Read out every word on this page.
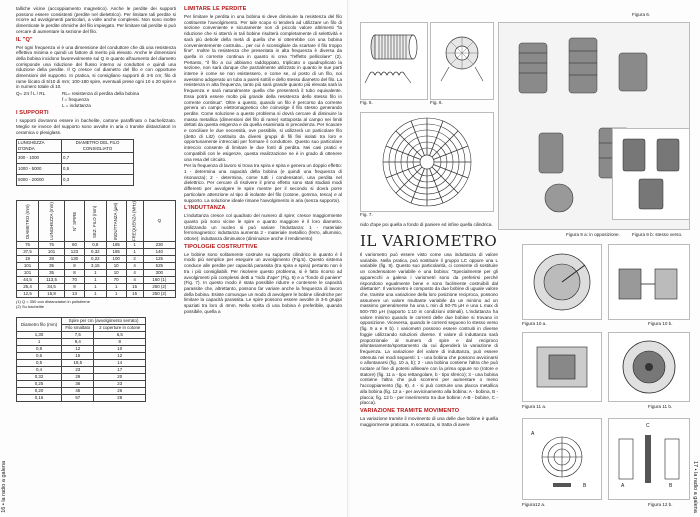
16 • la radio a galena

talliche vicine (accoppiamento magnetico). Anche le perdite dei supporti possono essere consistenti (perdite nel dielettrico). Per limitare tali perdite si ricorre ad avvolgimenti particolari, a volte anche complessi. Non sono inoltre dimenticate le perdite ohmiche del filo impiegato. Per limitare tali perdite si può cercare di aumentare la sezione del filo.

IL "Q"

Per ogni frequenza vi è una dimensione del conduttore che dà una resistenza effettiva minima e quindi un fattore di merito più elevato. Anche le dimensioni della bobina incidono favorevolmente sul Q in quanto all'aumento del diametro corrisponde una riduzione del flusso interno ai conduttori e quindi una riduzione della perdite. Il Q cresce col diametro del filo e con opportune dimensioni del supporto. In pratica, si consigliano supporti di 3-5 cm; filo di rame lòcato di 5/10 di mm; 100-180 spire, eventuali prese ogni 10 o 20 spire e in numero totale di 10.

Q= 2π f L / RL	RL= resistenza di perdita della bobina
f = frequenza
L = induttanza
I SUPPORTI

I supporti dovranno essere in bachelite, cartone paraffinato o bachelizzato. Meglio se invece del supporto sono avvolte in aria o tramite distanziatori in ceramica o plexiglass.

LUNGHEZZA D'ONDA	DIAMETRO DEL FILO CONSIGLIATO
300 - 1000	0,7
1000 - 5000	0,5
5000 - 20000	0,3
DIAMETRO (mm)	LUNGHEZZA (mm)	N° SPIRE	SEZ. FILO (mm)	INDUTTANZA (μH)	FREQUENZA (MHz)	Q
75	75	60	0,8	185	1	230
37,5	101	123	0,32	185	1	140
19	28	130	0,22	100	2	125
101	35	8	3,15	10	4	525
101	35	8	1	10	4	300
44,5	113,5	70	1	70	4	160 (1)
25,4	34,5	9	1	1	15	250 (2)
12,5	15,8	13	1	1	15	250 (2)
(1) Q = 350 con distanziatori in polistirene
(2) Su bachelite
Diametro filo (mm)	Spire per cm (avvolgimento serrato)	
	Filo smaltato	2 coperture in cotone
1,30	7,5	6,5
1	9,4	8
0,8	12	10
0,6	15	12
0,5	18,5	14
0,4	23	17
0,32	29	20
0,25	36	23
0,20	45	26
0,16	57	28
LIMITARE LE PERDITE

Per limitare le perdita in una bobina si deve diminuire la resistenza del filo costituente l'avvolgimento. Per tale scopo si tenderà ad utilizzare un filo di sezione conveniente e sicuramente non di piccolo valore altrimenti "la riduzione che si otterrà in tali bobine risulterà completamente di selettività e sarà più debole della metà di quella che si otterrebbe con una bobina convenientemente costruita... per cui è sconsigliare da scartare il filo troppo fine". Inoltre la resistenza che presentata in alta frequenza è diversa da quella in corrente continua in quanto si crea "l'effetto pellicolare" (2). Pertanto, "il filo a cui abbiamo raddoppiato, triplicato o quadruplicato la sezione, non sarà dunque che parzialmente utilizzato in quanto le sue parti interne è come se non esistessero, e come se, al posto di un filo, noi avessimo adoperato un tubo a pareti sottili e dello stesso diametro del filo. La resistenza in alta frequenza, tanto più sarà grande quanto più elevata sarà la frequenza e sarà naturalmente quella che presenterà il tubo equivalente. Essa potrà essere molto più grande della resistenza dello stesso filo in corrente continua". Oltre a questo, quando un filo è percorso da corrente genera un campo elettromagnetico che coinvolge il filo stesso generando perdite. Come soluzione a questo problema si dovrà cercare di diminuire la massa metallica (dimensioni del filo di rame) sottoposta al campo nei limiti dettati da questa esigenza e da quella esaminata in precedenza. Per ricavare e conciliare le due necessità, ove possibile, si utilizzerà un particolare filo (detto di Litz) costituito da diversi gruppi di fili fini isolati tra loro e opportunamente intrecciati per formare il conduttore. Questo suo particolare intreccio consente di limitare le due fonti di perdita. Nei casi pratici e compatibili con le esigenze, questa realizzazione ne è in grado di ottenere una resa del circuito.

Per la frequenza di lavoro si trova tra spira e spira e genera un doppio effetto: 1 - determina una capacità della bobina (e quindi una frequenza di risonanza); 2 - determina, come tutti i condensatori, una perdita nel dielettrico. Per cercare di risolvere il primo effetto sono stati studiati modi differenti per avvolgere le spire mentre per il secondo si dovrà porre particolare attenzione al tipo di isolante del filo (cotone, gomma, tesca) e al supporto. La soluzione ideale rimane l'avvolgimento in aria (senza supporto).

L'INDUTTANZA

L'induttanza cresce col quadrato del numero di spire; cresce maggiormente quanto più sono vicine le spire e quanto maggiore è il loro diametro. Utilizzando un nucleo si può variare l'induttanza: 1 - materiale ferromagnetico: induttanza aumenta 2 - materiale metallico (ferro, alluminio, ottone): induttanza diminuisce (diminuisce anche il rendimento)

TIPOLOGIE COSTRUTTIVE

Le bobine sono solitamente costruite su supporto cilindrico in quanto è il modo più semplice per eseguire un avvolgimento (Fig.5). Questo sistema conduce alle perdite per capacità parassita (tra spira e spira) pertanto non è tra i più consigliabili. Per risolvere questo problema, si è fatto ricorso ad avvolgimenti più complessi detti a "nido d'ape" (Fig. 6) e a "fondo di paniere" (Fig. 7). In questo modo è stata possibile ridurre e contenere le capacità parassite che, altrettanto, possono far variare anche la frequenza di lavoro della bobina. Esiste comunque un modo di avvolgere le bobine cilindriche per limitare la capacità parassita. Le spire possono essere avvolte in 3-5 gruppi spaziati tra loro di 4mm. Nella scelta di una bobina è preferibile, quando possibile, quella a

17 • la radio a galena
Fig. 5.	Fig. 6.
Fig. 7.

nido d'ape poi quella a fondo di paniere ed infine quella cilindrica.

Figura 6.
IL VARIOMETRO

Il variometro può essere visto come una induttanza di valore variabile. Nella pratica, può sostituire il gruppo LC oppure una L variabile (fig. 8). Questo suo particolarità, ci consente di sostituire un condensatore variabile e una bobina: "Specialmente per gli apparecchi a galena i variometri sono da preferirsi perché rispondono egualmente bene e sono facilmente costruibili dal dilettante". Il variometro è composto da due bobine di uguale valore che, tramite una variazione della loro posizione reciproca, possono assumere un valore risultante variabile da un minimo ad un massimo generalmente ha una L min di 50-75 μH e una L max di 500-700 μH (rapporto 1:10 in condizioni ottimali). L'induttanza ha valore minimo quando le correnti delle due bobine si trovano in opposizione. Viceversa, quando le correnti seguono lo stesso verso (fig. 9 a e 9 b). I variometri possono essere costruiti in diverse foggie utilizzando soluzioni diverse. Il valore di induttanza sarà proporzionale al numero di spire e dal reciproco allontanamento/spostamento da cui dipenderà la variazione di frequenza. La variazione del valore di induttanza, può essere ottenuta nei modi seguenti: 1 - una bobina che possono avvicinarsi o allontanarsi (fig. 10 a, b); 2 - una bobina contiene l'altra che può ruotare al fine di potersi allineare con la prima oppure no (rotore e statore) (fig. 11 a - tipo rettangolare, b - tipo sferico); 3 - una bobina contiene l'altra che può scorrervi per aumentare o meno l'accoppiamento (fig. 9). 4 - si può costruire una placca metallica alla bobina (fig. 12 a - per avvicinamento alla bobina: A - bobina, B - placca; fig. 12 b - per inserimento tra due bobine: A-B - bobine, C - placca).

VARIAZIONE TRAMITE MOVIMENTO

La variazione tramite il movimento di una delle due bobine è quella maggiormente praticata. In sostanza, si tratta di avere

Figura 9 a: in opposizione.	Figura 9 b: stesso verso.
Figura 10 a.	Figura 10 b.
Figura 11 a.	Figura 11 b.
A
B
Figura12 a.
A
C
B
Figura 12 b.
